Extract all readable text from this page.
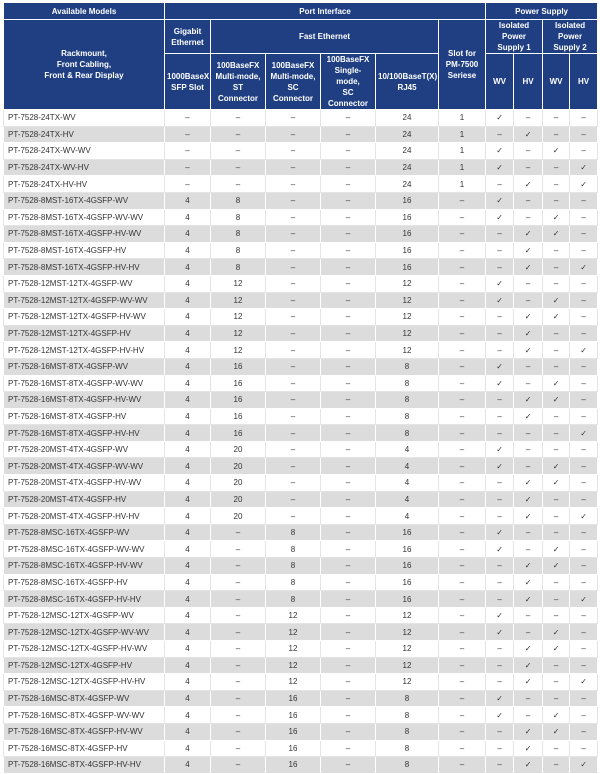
Available Models	Port Interface						Power Supply			
Rackmount,
Front Cabling,
Front & Rear Display	Gigabit
Ethernet	Fast Ethernet				Slot for
PM-7500
Seriese	Isolated Power
Supply 1		Isolated Power
Supply 2	
	1000BaseX
SFP Slot	100BaseFX
Multi-mode,
ST Connector	100BaseFX
Multi-mode,
SC Connector	100BaseFX
Single-mode,
SC Connector	10/100BaseT(X)
RJ45		WV	HV	WV	HV
PT-7528-24TX-WV	–	–	–	–	24	1	✓	–	–	–
PT-7528-24TX-HV	–	–	–	–	24	1	–	✓	–	–
PT-7528-24TX-WV-WV	–	–	–	–	24	1	✓	–	✓	–
PT-7528-24TX-WV-HV	–	–	–	–	24	1	✓	–	–	✓
PT-7528-24TX-HV-HV	–	–	–	–	24	1	–	✓	–	✓
PT-7528-8MST-16TX-4GSFP-WV	4	8	–	–	16	–	✓	–	–	–
PT-7528-8MST-16TX-4GSFP-WV-WV	4	8	–	–	16	–	✓	–	✓	–
PT-7528-8MST-16TX-4GSFP-HV-WV	4	8	–	–	16	–	–	✓	✓	–
PT-7528-8MST-16TX-4GSFP-HV	4	8	–	–	16	–	–	✓	–	–
PT-7528-8MST-16TX-4GSFP-HV-HV	4	8	–	–	16	–	–	✓	–	✓
PT-7528-12MST-12TX-4GSFP-WV	4	12	–	–	12	–	✓	–	–	–
PT-7528-12MST-12TX-4GSFP-WV-WV	4	12	–	–	12	–	✓	–	✓	–
PT-7528-12MST-12TX-4GSFP-HV-WV	4	12	–	–	12	–	–	✓	✓	–
PT-7528-12MST-12TX-4GSFP-HV	4	12	–	–	12	–	–	✓	–	–
PT-7528-12MST-12TX-4GSFP-HV-HV	4	12	–	–	12	–	–	✓	–	✓
PT-7528-16MST-8TX-4GSFP-WV	4	16	–	–	8	–	✓	–	–	–
PT-7528-16MST-8TX-4GSFP-WV-WV	4	16	–	–	8	–	✓	–	✓	–
PT-7528-16MST-8TX-4GSFP-HV-WV	4	16	–	–	8	–	–	✓	✓	–
PT-7528-16MST-8TX-4GSFP-HV	4	16	–	–	8	–	–	✓	–	–
PT-7528-16MST-8TX-4GSFP-HV-HV	4	16	–	–	8	–	–	–	–	✓
PT-7528-20MST-4TX-4GSFP-WV	4	20	–	–	4	–	✓	–	–	–
PT-7528-20MST-4TX-4GSFP-WV-WV	4	20	–	–	4	–	✓	–	✓	–
PT-7528-20MST-4TX-4GSFP-HV-WV	4	20	–	–	4	–	–	✓	✓	–
PT-7528-20MST-4TX-4GSFP-HV	4	20	–	–	4	–	–	✓	–	–
PT-7528-20MST-4TX-4GSFP-HV-HV	4	20	–	–	4	–	–	✓	–	✓
PT-7528-8MSC-16TX-4GSFP-WV	4	–	8	–	16	–	✓	–	–	–
PT-7528-8MSC-16TX-4GSFP-WV-WV	4	–	8	–	16	–	✓	–	✓	–
PT-7528-8MSC-16TX-4GSFP-HV-WV	4	–	8	–	16	–	–	✓	✓	–
PT-7528-8MSC-16TX-4GSFP-HV	4	–	8	–	16	–	–	✓	–	–
PT-7528-8MSC-16TX-4GSFP-HV-HV	4	–	8	–	16	–	–	✓	–	✓
PT-7528-12MSC-12TX-4GSFP-WV	4	–	12	–	12	–	✓	–	–	–
PT-7528-12MSC-12TX-4GSFP-WV-WV	4	–	12	–	12	–	✓	–	✓	–
PT-7528-12MSC-12TX-4GSFP-HV-WV	4	–	12	–	12	–	–	✓	✓	–
PT-7528-12MSC-12TX-4GSFP-HV	4	–	12	–	12	–	–	✓	–	–
PT-7528-12MSC-12TX-4GSFP-HV-HV	4	–	12	–	12	–	–	✓	–	✓
PT-7528-16MSC-8TX-4GSFP-WV	4	–	16	–	8	–	✓	–	–	–
PT-7528-16MSC-8TX-4GSFP-WV-WV	4	–	16	–	8	–	✓	–	✓	–
PT-7528-16MSC-8TX-4GSFP-HV-WV	4	–	16	–	8	–	–	✓	✓	–
PT-7528-16MSC-8TX-4GSFP-HV	4	–	16	–	8	–	–	✓	–	–
PT-7528-16MSC-8TX-4GSFP-HV-HV	4	–	16	–	8	–	–	✓	–	✓
